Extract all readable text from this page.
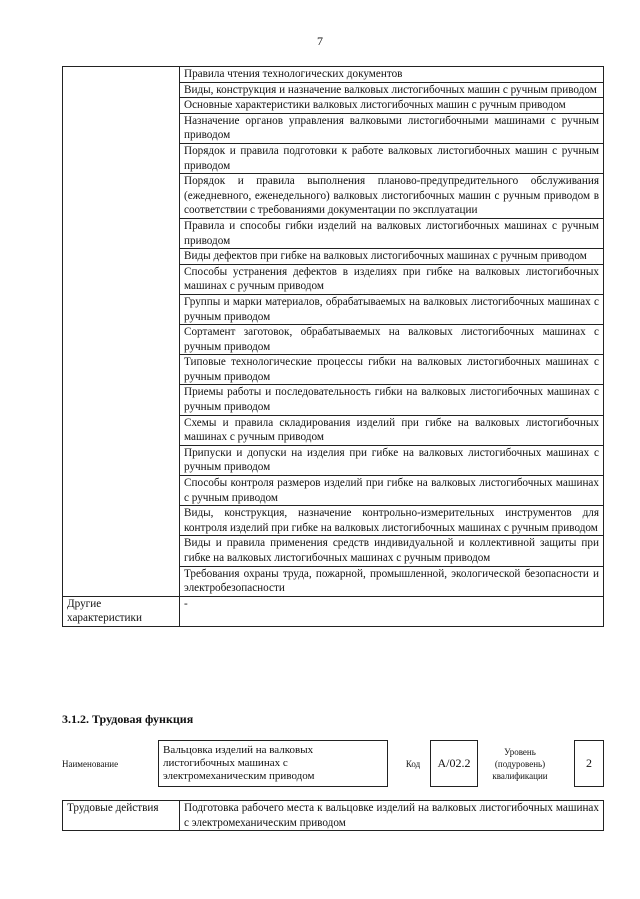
7
	Правила чтения технологических документов
	Виды, конструкция и назначение валковых листогибочных машин с ручным приводом
	Основные характеристики валковых листогибочных машин с ручным приводом
	Назначение органов управления валковыми листогибочными машинами с ручным приводом
	Порядок и правила подготовки к работе валковых листогибочных машин с ручным приводом
	Порядок и правила выполнения планово-предупредительного обслуживания (ежедневного, еженедельного) валковых листогибочных машин с ручным приводом в соответствии с требованиями документации по эксплуатации
	Правила и способы гибки изделий на валковых листогибочных машинах с ручным приводом
	Виды дефектов при гибке на валковых листогибочных машинах с ручным приводом
	Способы устранения дефектов в изделиях при гибке на валковых листогибочных машинах с ручным приводом
	Группы и марки материалов, обрабатываемых на валковых листогибочных машинах с ручным приводом
	Сортамент заготовок, обрабатываемых на валковых листогибочных машинах с ручным приводом
	Типовые технологические процессы гибки на валковых листогибочных машинах с ручным приводом
	Приемы работы и последовательность гибки на валковых листогибочных машинах с ручным приводом
	Схемы и правила складирования изделий при гибке на валковых листогибочных машинах с ручным приводом
	Припуски и допуски на изделия при гибке на валковых листогибочных машинах с ручным приводом
	Способы контроля размеров изделий при гибке на валковых листогибочных машинах с ручным приводом
	Виды, конструкция, назначение контрольно-измерительных инструментов для контроля изделий при гибке на валковых листогибочных машинах с ручным приводом
	Виды и правила применения средств индивидуальной и коллективной защиты при гибке на валковых листогибочных машинах с ручным приводом
	Требования охраны труда, пожарной, промышленной, экологической безопасности и электробезопасности
Другие характеристики	-
3.1.2. Трудовая функция
Наименование	Вальцовка изделий на валковых листогибочных машинах с электромеханическим приводом		Код	А/02.2	Уровень (подуровень) квалификации		2	
Трудовые действия	Подготовка рабочего места к вальцовке изделий на валковых листогибочных машинах с электромеханическим приводом
